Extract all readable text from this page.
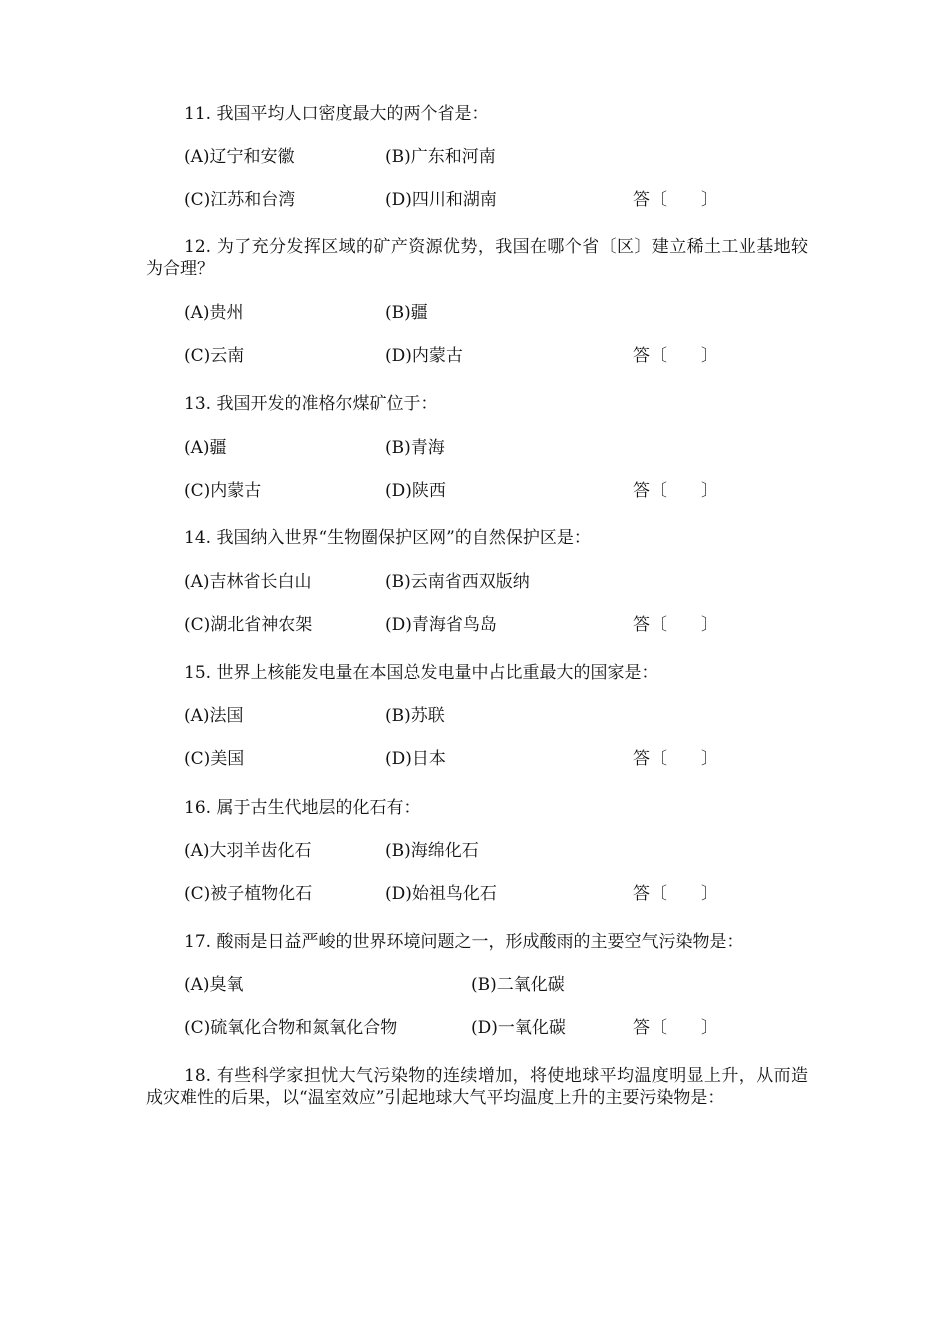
11. 我国平均人口密度最大的两个省是：
(A)辽宁和安徽	(B)广东和河南
(C)江苏和台湾	(D)四川和湖南	答〔　　〕
12. 为了充分发挥区域的矿产资源优势，我国在哪个省〔区〕建立稀土工业基地较为合理？
(A)贵州	(B)疆
(C)云南	(D)内蒙古	答〔　　〕
13. 我国开发的准格尔煤矿位于：
(A)疆	(B)青海
(C)内蒙古	(D)陕西	答〔　　〕
14. 我国纳入世界“生物圈保护区网”的自然保护区是：
(A)吉林省长白山	(B)云南省西双版纳
(C)湖北省神农架	(D)青海省鸟岛	答〔　　〕
15. 世界上核能发电量在本国总发电量中占比重最大的国家是：
(A)法国	(B)苏联
(C)美国	(D)日本	答〔　　〕
16. 属于古生代地层的化石有：
(A)大羽羊齿化石	(B)海绵化石
(C)被子植物化石	(D)始祖鸟化石	答〔　　〕
17. 酸雨是日益严峻的世界环境问题之一，形成酸雨的主要空气污染物是：
(A)臭氧	(B)二氧化碳
(C)硫氧化合物和氮氧化合物	(D)一氧化碳	答〔　　〕
18. 有些科学家担忧大气污染物的连续增加，将使地球平均温度明显上升，从而造成灾难性的后果，以“温室效应”引起地球大气平均温度上升的主要污染物是：
